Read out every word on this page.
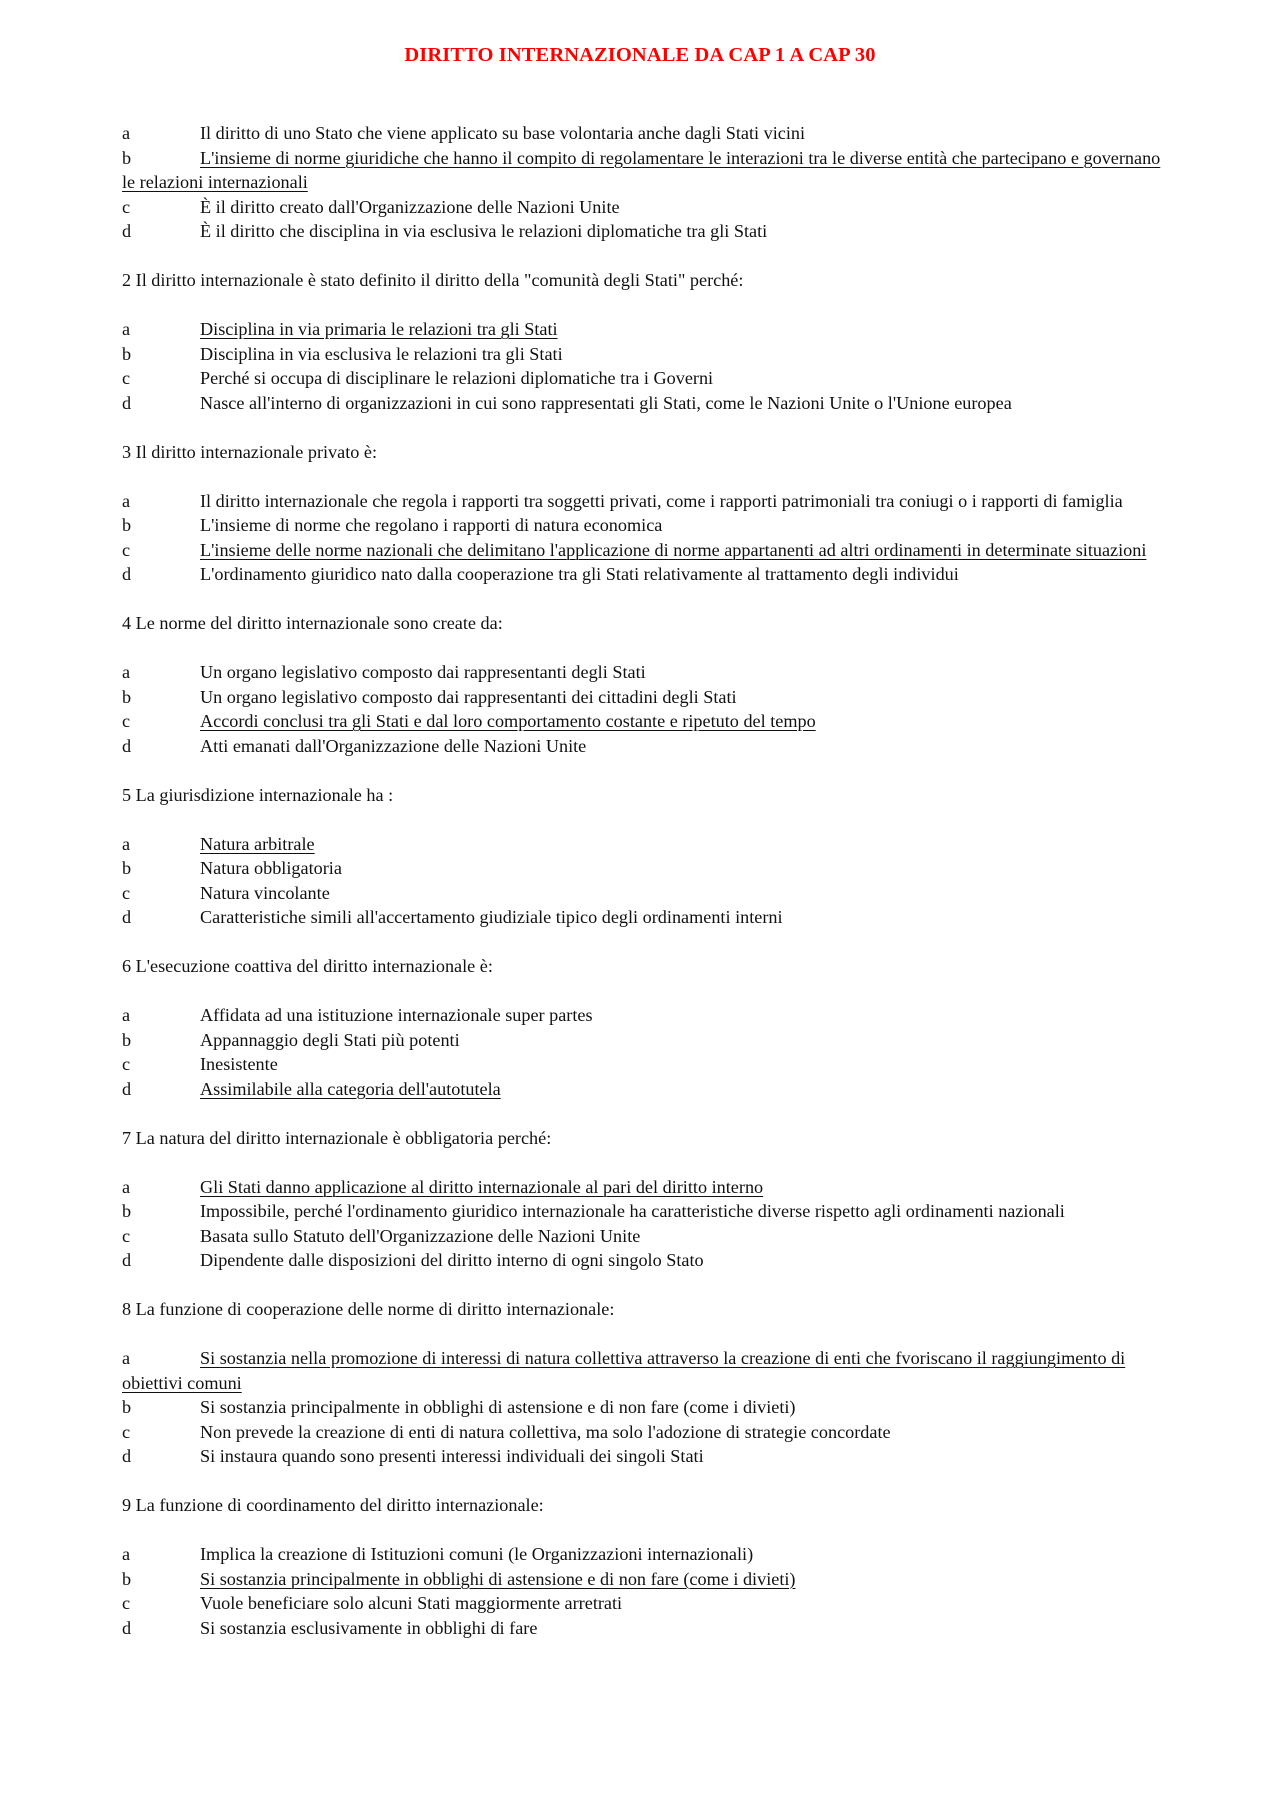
DIRITTO INTERNAZIONALE DA CAP 1 A CAP 30
a	Il diritto di uno Stato che viene applicato su base volontaria anche dagli Stati vicini
b	L'insieme di norme giuridiche che hanno il compito di regolamentare le interazioni tra le diverse entità che partecipano e governano le relazioni internazionali
c	È il diritto creato dall'Organizzazione delle Nazioni Unite
d	È il diritto che disciplina in via esclusiva le relazioni diplomatiche tra gli Stati
2 Il diritto internazionale è stato definito il diritto della "comunità degli Stati" perché:
a	Disciplina in via primaria le relazioni tra gli Stati
b	Disciplina in via esclusiva le relazioni tra gli Stati
c	Perché si occupa di disciplinare le relazioni diplomatiche tra i Governi
d	Nasce all'interno di organizzazioni in cui sono rappresentati gli Stati, come le Nazioni Unite o l'Unione europea
3 Il diritto internazionale privato è:
a	Il diritto internazionale che regola i rapporti tra soggetti privati, come i rapporti patrimoniali tra coniugi o i rapporti di famiglia
b	L'insieme di norme che regolano i rapporti di natura economica
c	L'insieme delle norme nazionali che delimitano l'applicazione di norme appartanenti ad altri ordinamenti in determinate situazioni
d	L'ordinamento giuridico nato dalla cooperazione tra gli Stati relativamente al trattamento degli individui
4 Le norme del diritto internazionale sono create da:
a	Un organo legislativo composto dai rappresentanti degli Stati
b	Un organo legislativo composto dai rappresentanti dei cittadini degli Stati
c	Accordi conclusi tra gli Stati e dal loro comportamento costante e ripetuto del tempo
d	Atti emanati dall'Organizzazione delle Nazioni Unite
5 La giurisdizione internazionale ha :
a	Natura arbitrale
b	Natura obbligatoria
c	Natura vincolante
d	Caratteristiche simili all'accertamento giudiziale tipico degli ordinamenti interni
6 L'esecuzione coattiva del diritto internazionale è:
a	Affidata ad una istituzione internazionale super partes
b	Appannaggio degli Stati più potenti
c	Inesistente
d	Assimilabile alla categoria dell'autotutela
7 La natura del diritto internazionale è obbligatoria perché:
a	Gli Stati danno applicazione al diritto internazionale al pari del diritto interno
b	Impossibile, perché l'ordinamento giuridico internazionale ha caratteristiche diverse rispetto agli ordinamenti nazionali
c	Basata sullo Statuto dell'Organizzazione delle Nazioni Unite
d	Dipendente dalle disposizioni del diritto interno di ogni singolo Stato
8 La funzione di cooperazione delle norme di diritto internazionale:
a	Si sostanzia nella promozione di interessi di natura collettiva attraverso la creazione di enti che fvoriscano il raggiungimento di obiettivi comuni
b	Si sostanzia principalmente in obblighi di astensione e di non fare (come i divieti)
c	Non prevede la creazione di enti di natura collettiva, ma solo l'adozione di strategie concordate
d	Si instaura quando sono presenti interessi individuali dei singoli Stati
9 La funzione di coordinamento del diritto internazionale:
a	Implica la creazione di Istituzioni comuni (le Organizzazioni internazionali)
b	Si sostanzia principalmente in obblighi di astensione e di non fare (come i divieti)
c	Vuole beneficiare solo alcuni Stati maggiormente arretrati
d	Si sostanzia esclusivamente in obblighi di fare
